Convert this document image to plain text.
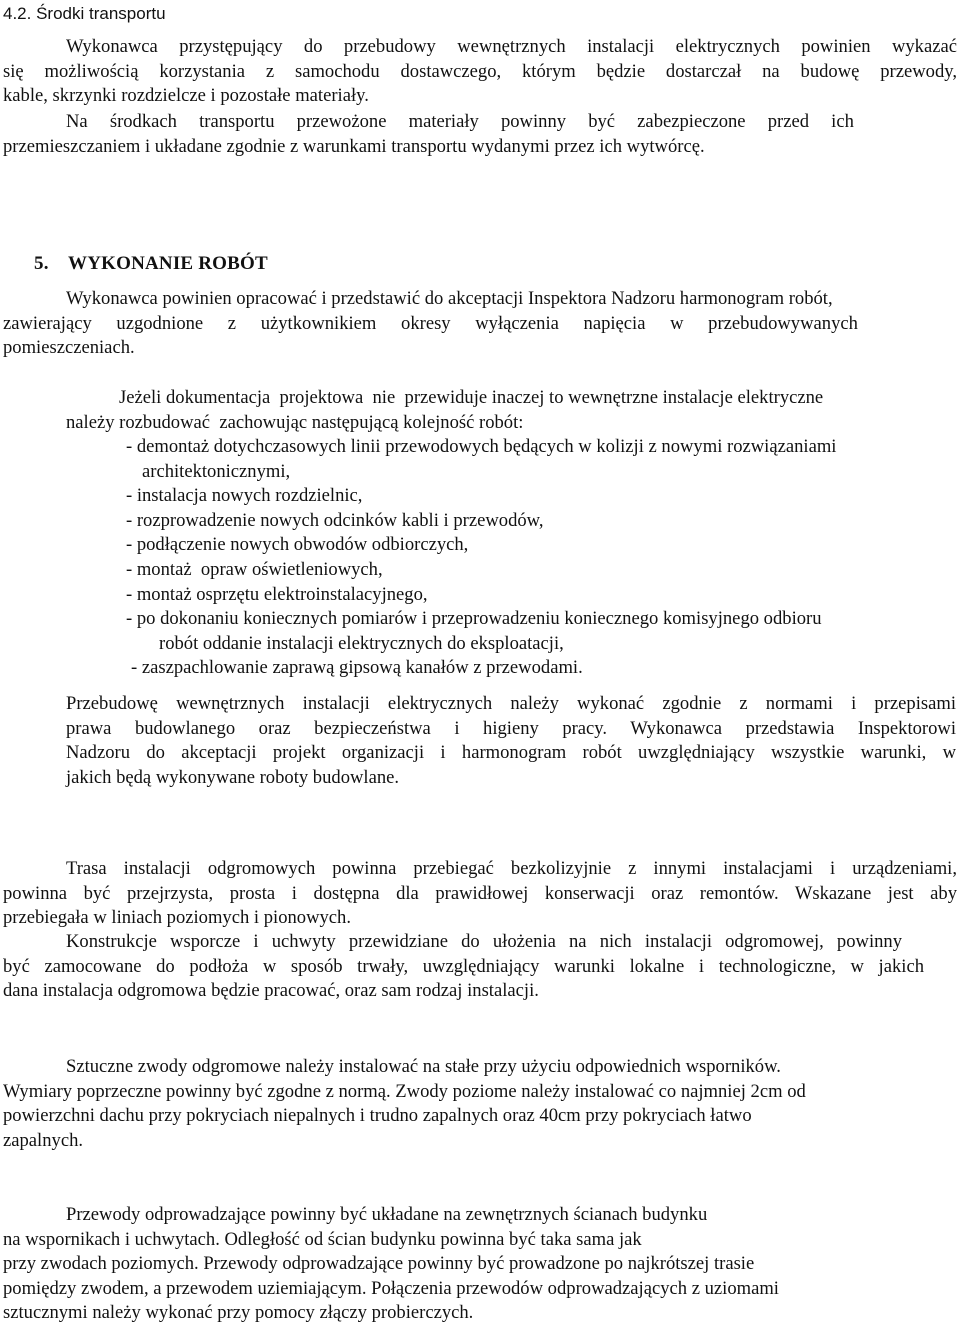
4.2. Środki transportu
Wykonawca przystępujący do przebudowy wewnętrznych instalacji elektrycznych powinien wykazać
się możliwością korzystania z samochodu dostawczego, którym będzie dostarczał na budowę przewody,
kable, skrzynki rozdzielcze i pozostałe materiały.
Na środkach transportu przewożone materiały powinny być zabezpieczone przed ich
przemieszczaniem i układane zgodnie z warunkami transportu wydanymi przez ich wytwórcę.
5. WYKONANIE ROBÓT
Wykonawca powinien opracować i przedstawić do akceptacji Inspektora Nadzoru harmonogram robót,
zawierający uzgodnione z użytkownikiem okresy wyłączenia napięcia w przebudowywanych
pomieszczeniach.
Jeżeli dokumentacja  projektowa  nie  przewiduje inaczej to wewnętrzne instalacje elektryczne
należy rozbudować  zachowując następującą kolejność robót:
- demontaż dotychczasowych linii przewodowych będących w kolizji z nowymi rozwiązaniami
architektonicznymi,
- instalacja nowych rozdzielnic,
- rozprowadzenie nowych odcinków kabli i przewodów,
- podłączenie nowych obwodów odbiorczych,
- montaż  opraw oświetleniowych,
- montaż osprzętu elektroinstalacyjnego,
- po dokonaniu koniecznych pomiarów i przeprowadzeniu koniecznego komisyjnego odbioru
robót oddanie instalacji elektrycznych do eksploatacji,
- zaszpachlowanie zaprawą gipsową kanałów z przewodami.
Przebudowę wewnętrznych instalacji elektrycznych należy wykonać zgodnie z normami i przepisami
prawa budowlanego oraz bezpieczeństwa i higieny pracy. Wykonawca przedstawia Inspektorowi
Nadzoru do akceptacji projekt organizacji i harmonogram robót uwzględniający wszystkie warunki, w
jakich będą wykonywane roboty budowlane.
Trasa instalacji odgromowych powinna przebiegać bezkolizyjnie z innymi instalacjami i urządzeniami,
powinna być przejrzysta, prosta i dostępna dla prawidłowej konserwacji oraz remontów. Wskazane jest aby
przebiegała w liniach poziomych i pionowych.
Konstrukcje wsporcze i uchwyty przewidziane do ułożenia na nich instalacji odgromowej, powinny
być zamocowane do podłoża w sposób trwały, uwzględniający warunki lokalne i technologiczne, w jakich
dana instalacja odgromowa będzie pracować, oraz sam rodzaj instalacji.
Sztuczne zwody odgromowe należy instalować na stałe przy użyciu odpowiednich wsporników.
Wymiary poprzeczne powinny być zgodne z normą. Zwody poziome należy instalować co najmniej 2cm od
powierzchni dachu przy pokryciach niepalnych i trudno zapalnych oraz 40cm przy pokryciach łatwo
zapalnych.
Przewody odprowadzające powinny być układane na zewnętrznych ścianach budynku
na wspornikach i uchwytach. Odległość od ścian budynku powinna być taka sama jak
przy zwodach poziomych. Przewody odprowadzające powinny być prowadzone po najkrótszej trasie
pomiędzy zwodem, a przewodem uziemiającym. Połączenia przewodów odprowadzających z uziomami
sztucznymi należy wykonać przy pomocy złączy probierczych.
